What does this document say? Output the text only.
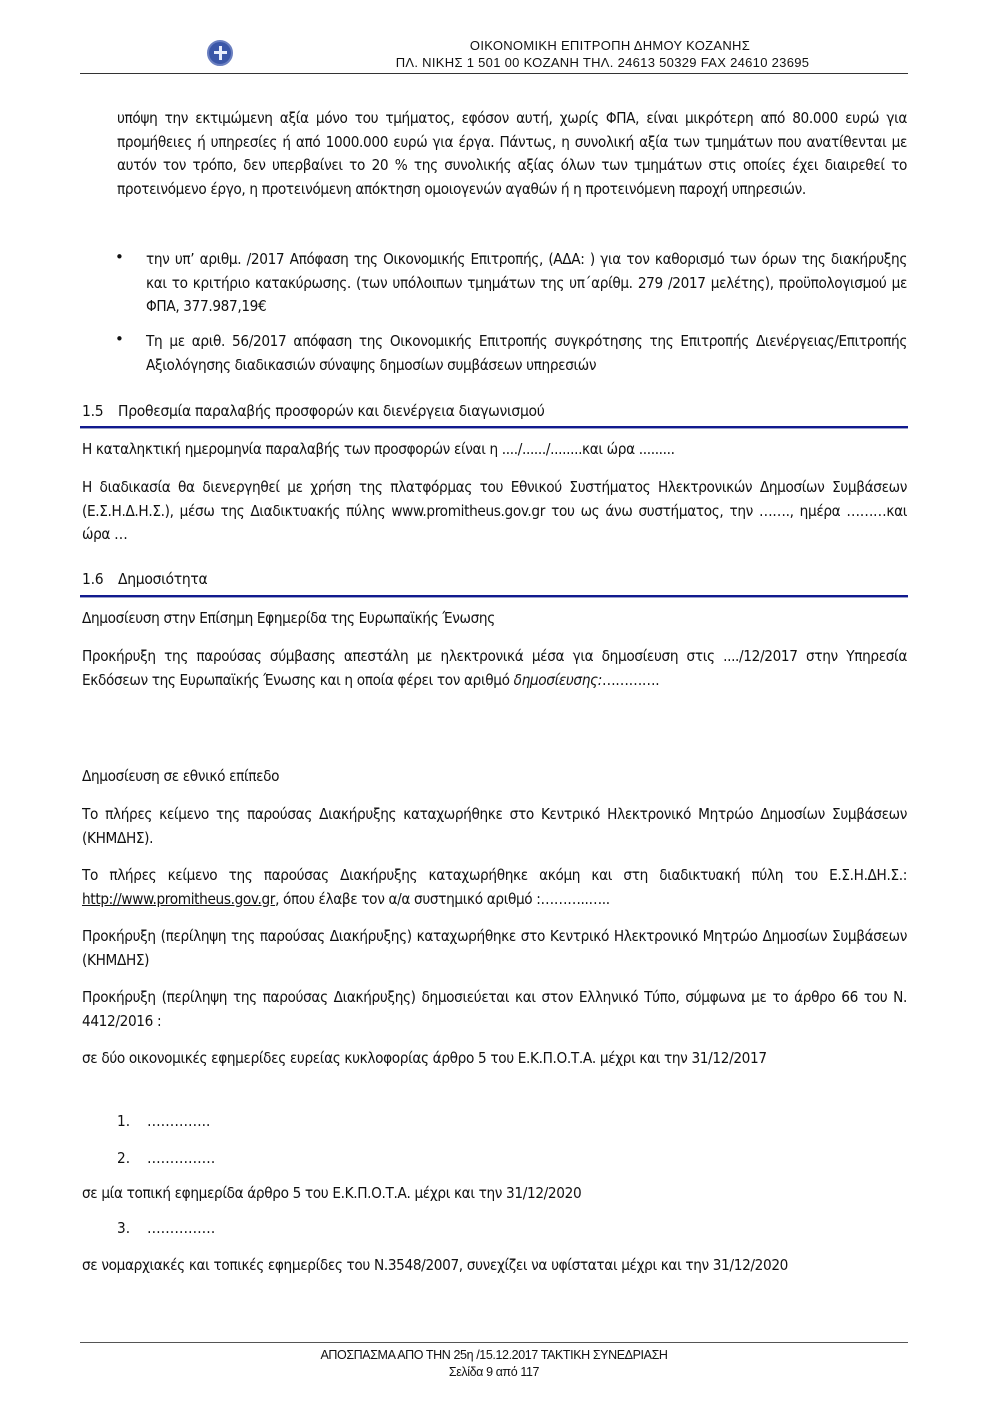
ΟΙΚΟΝΟΜΙΚΗ ΕΠΙΤΡΟΠΗ ΔΗΜΟΥ ΚΟΖΑΝΗΣ
ΠΛ. ΝΙΚΗΣ 1 501 00 ΚΟΖΑΝΗ ΤΗΛ. 24613 50329 FAX 24610 23695
υπόψη την εκτιμώμενη αξία μόνο του τμήματος, εφόσον αυτή, χωρίς ΦΠΑ, είναι μικρότερη από 80.000 ευρώ για προμήθειες ή υπηρεσίες ή από 1000.000 ευρώ για έργα. Πάντως, η συνολική αξία των τμημάτων που ανατίθενται με αυτόν τον τρόπο, δεν υπερβαίνει το 20 % της συνολικής αξίας όλων των τμημάτων στις οποίες έχει διαιρεθεί το προτεινόμενο έργο, η προτεινόμενη απόκτηση ομοιογενών αγαθών ή η προτεινόμενη παροχή υπηρεσιών.
• την υπ’ αριθμ. /2017 Απόφαση της Οικονομικής Επιτροπής, (ΑΔΑ: ) για τον καθορισμό των όρων της διακήρυξης και το κριτήριο κατακύρωσης. (των υπόλοιπων τμημάτων της υπ΄αρίθμ. 279 /2017 μελέτης), προϋπολογισμού με ΦΠΑ, 377.987,19€
• Τη με αριθ. 56/2017 απόφαση της Οικονομικής Επιτροπής συγκρότησης της Επιτροπής Διενέργειας/Επιτροπής Αξιολόγησης διαδικασιών σύναψης δημοσίων συμβάσεων υπηρεσιών
1.5 Προθεσμία παραλαβής προσφορών και διενέργεια διαγωνισμού
Η καταληκτική ημερομηνία παραλαβής των προσφορών είναι η ..../....../........και ώρα .........
Η διαδικασία θα διενεργηθεί με χρήση της πλατφόρμας του Εθνικού Συστήματος Ηλεκτρονικών Δημοσίων Συμβάσεων (Ε.Σ.Η.Δ.Η.Σ.), μέσω της Διαδικτυακής πύλης www.promitheus.gov.gr του ως άνω συστήματος, την ……., ημέρα ………και ώρα …
1.6 Δημοσιότητα
Δημοσίευση στην Επίσημη Εφημερίδα της Ευρωπαϊκής Ένωσης
Προκήρυξη της παρούσας σύμβασης απεστάλη με ηλεκτρονικά μέσα για δημοσίευση στις ..../12/2017 στην Υπηρεσία Εκδόσεων της Ευρωπαϊκής Ένωσης και η οποία φέρει τον αριθμό δημοσίευσης:………….
Δημοσίευση σε εθνικό επίπεδο
Το πλήρες κείμενο της παρούσας Διακήρυξης καταχωρήθηκε στο Κεντρικό Ηλεκτρονικό Μητρώο Δημοσίων Συμβάσεων (ΚΗΜΔΗΣ).
Το πλήρες κείμενο της παρούσας Διακήρυξης καταχωρήθηκε ακόμη και στη διαδικτυακή πύλη του Ε.Σ.Η.ΔΗ.Σ.: http://www.promitheus.gov.gr, όπου έλαβε τον α/α συστημικό αριθμό :………..…..
Προκήρυξη (περίληψη της παρούσας Διακήρυξης) καταχωρήθηκε στο Κεντρικό Ηλεκτρονικό Μητρώο Δημοσίων Συμβάσεων (ΚΗΜΔΗΣ)
Προκήρυξη (περίληψη της παρούσας Διακήρυξης) δημοσιεύεται και στον Ελληνικό Τύπο, σύμφωνα με το άρθρο 66 του Ν. 4412/2016 :
σε δύο οικονομικές εφημερίδες ευρείας κυκλοφορίας άρθρο 5 του Ε.Κ.Π.Ο.Τ.Α. μέχρι και την 31/12/2017
1. …………..
2. ……………
σε μία τοπική εφημερίδα άρθρο 5 του Ε.Κ.Π.Ο.Τ.Α. μέχρι και την 31/12/2020
3. ……………
σε νομαρχιακές και τοπικές εφημερίδες του Ν.3548/2007, συνεχίζει να υφίσταται μέχρι και την 31/12/2020
ΑΠΟΣΠΑΣΜΑ ΑΠΟ ΤΗΝ 25η /15.12.2017 ΤΑΚΤΙΚΗ ΣΥΝΕΔΡΙΑΣΗ
Σελίδα 9 από 117
